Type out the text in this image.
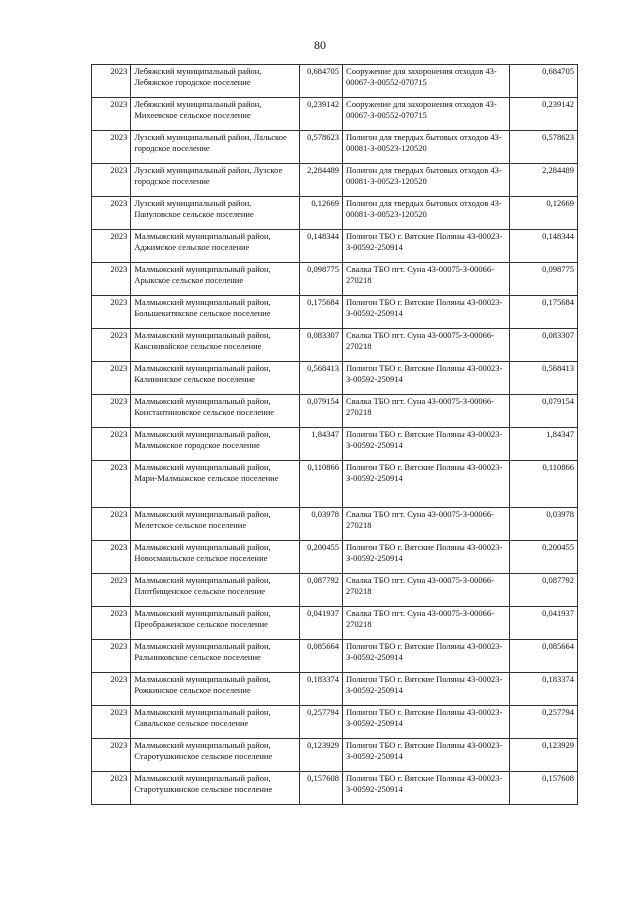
80
2023	Лебяжский муниципальный район, Лебяжское городское поселение	0,684705	Сооружение для захоронения отходов 43-00067-З-00552-070715	0,684705
2023	Лебяжский муниципальный район, Михеевское сельское поселение	0,239142	Сооружение для захоронения отходов 43-00067-З-00552-070715	0,239142
2023	Лузский муниципальный район, Лальское городское поселение	0,578623	Полигон для твердых бытовых отходов 43-00081-З-00523-120520	0,578623
2023	Лузский муниципальный район, Лузское городское поселение	2,284489	Полигон для твердых бытовых отходов 43-00081-З-00523-120520	2,284489
2023	Лузский муниципальный район, Папуловское сельское поселение	0,12669	Полигон для твердых бытовых отходов 43-00081-З-00523-120520	0,12669
2023	Малмыжский муниципальный район, Аджимское сельское поселение	0,148344	Полигон ТБО г. Вятские Поляны 43-00023-З-00592-250914	0,148344
2023	Малмыжский муниципальный район, Арыкское сельское поселение	0,098775	Свалка ТБО пгт. Суна 43-00075-З-00066-270218	0,098775
2023	Малмыжский муниципальный район, Большекитякское сельское поселение	0,175684	Полигон ТБО г. Вятские Поляны 43-00023-З-00592-250914	0,175684
2023	Малмыжский муниципальный район, Каксинвайское сельское поселение	0,083307	Свалка ТБО пгт. Суна 43-00075-З-00066-270218	0,083307
2023	Малмыжский муниципальный район, Калининское сельское поселение	0,568413	Полигон ТБО г. Вятские Поляны 43-00023-З-00592-250914	0,568413
2023	Малмыжский муниципальный район, Константиновское сельское поселение	0,079154	Свалка ТБО пгт. Суна 43-00075-З-00066-270218	0,079154
2023	Малмыжский муниципальный район, Малмыжское городское поселение	1,84347	Полигон ТБО г. Вятские Поляны 43-00023-З-00592-250914	1,84347
2023	Малмыжский муниципальный район, Мари-Малмыжское сельское поселение	0,110866	Полигон ТБО г. Вятские Поляны 43-00023-З-00592-250914	0,110866
2023	Малмыжский муниципальный район, Мелетское сельское поселение	0,03978	Свалка ТБО пгт. Суна 43-00075-З-00066-270218	0,03978
2023	Малмыжский муниципальный район, Новосмаильское сельское поселение	0,200455	Полигон ТБО г. Вятские Поляны 43-00023-З-00592-250914	0,200455
2023	Малмыжский муниципальный район, Плотбищенское сельское поселение	0,087792	Свалка ТБО пгт. Суна 43-00075-З-00066-270218	0,087792
2023	Малмыжский муниципальный район, Преображенское сельское поселение	0,041937	Свалка ТБО пгт. Суна 43-00075-З-00066-270218	0,041937
2023	Малмыжский муниципальный район, Ральниковское сельское поселение	0,085664	Полигон ТБО г. Вятские Поляны 43-00023-З-00592-250914	0,085664
2023	Малмыжский муниципальный район, Рожкинское сельское поселение	0,183374	Полигон ТБО г. Вятские Поляны 43-00023-З-00592-250914	0,183374
2023	Малмыжский муниципальный район, Савальское сельское поселение	0,257794	Полигон ТБО г. Вятские Поляны 43-00023-З-00592-250914	0,257794
2023	Малмыжский муниципальный район, Старотушкинское сельское поселение	0,123929	Полигон ТБО г. Вятские Поляны 43-00023-З-00592-250914	0,123929
2023	Малмыжский муниципальный район, Старотушкинское сельское поселение	0,157608	Полигон ТБО г. Вятские Поляны 43-00023-З-00592-250914	0,157608
